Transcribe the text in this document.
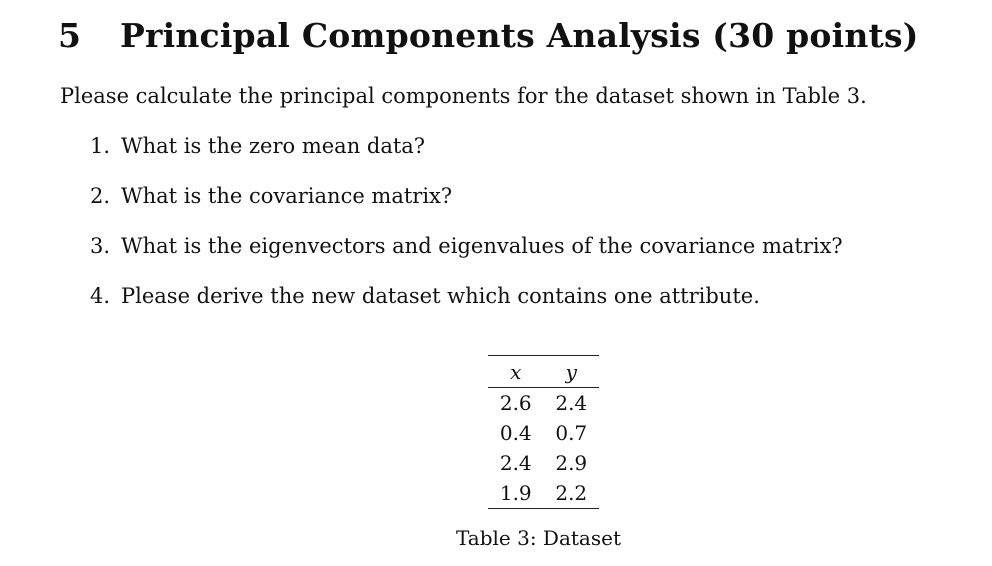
5 Principal Components Analysis (30 points)
Please calculate the principal components for the dataset shown in Table 3.
1. What is the zero mean data?
2. What is the covariance matrix?
3. What is the eigenvectors and eigenvalues of the covariance matrix?
4. Please derive the new dataset which contains one attribute.
x	y
2.6	2.4
0.4	0.7
2.4	2.9
1.9	2.2
Table 3: Dataset
